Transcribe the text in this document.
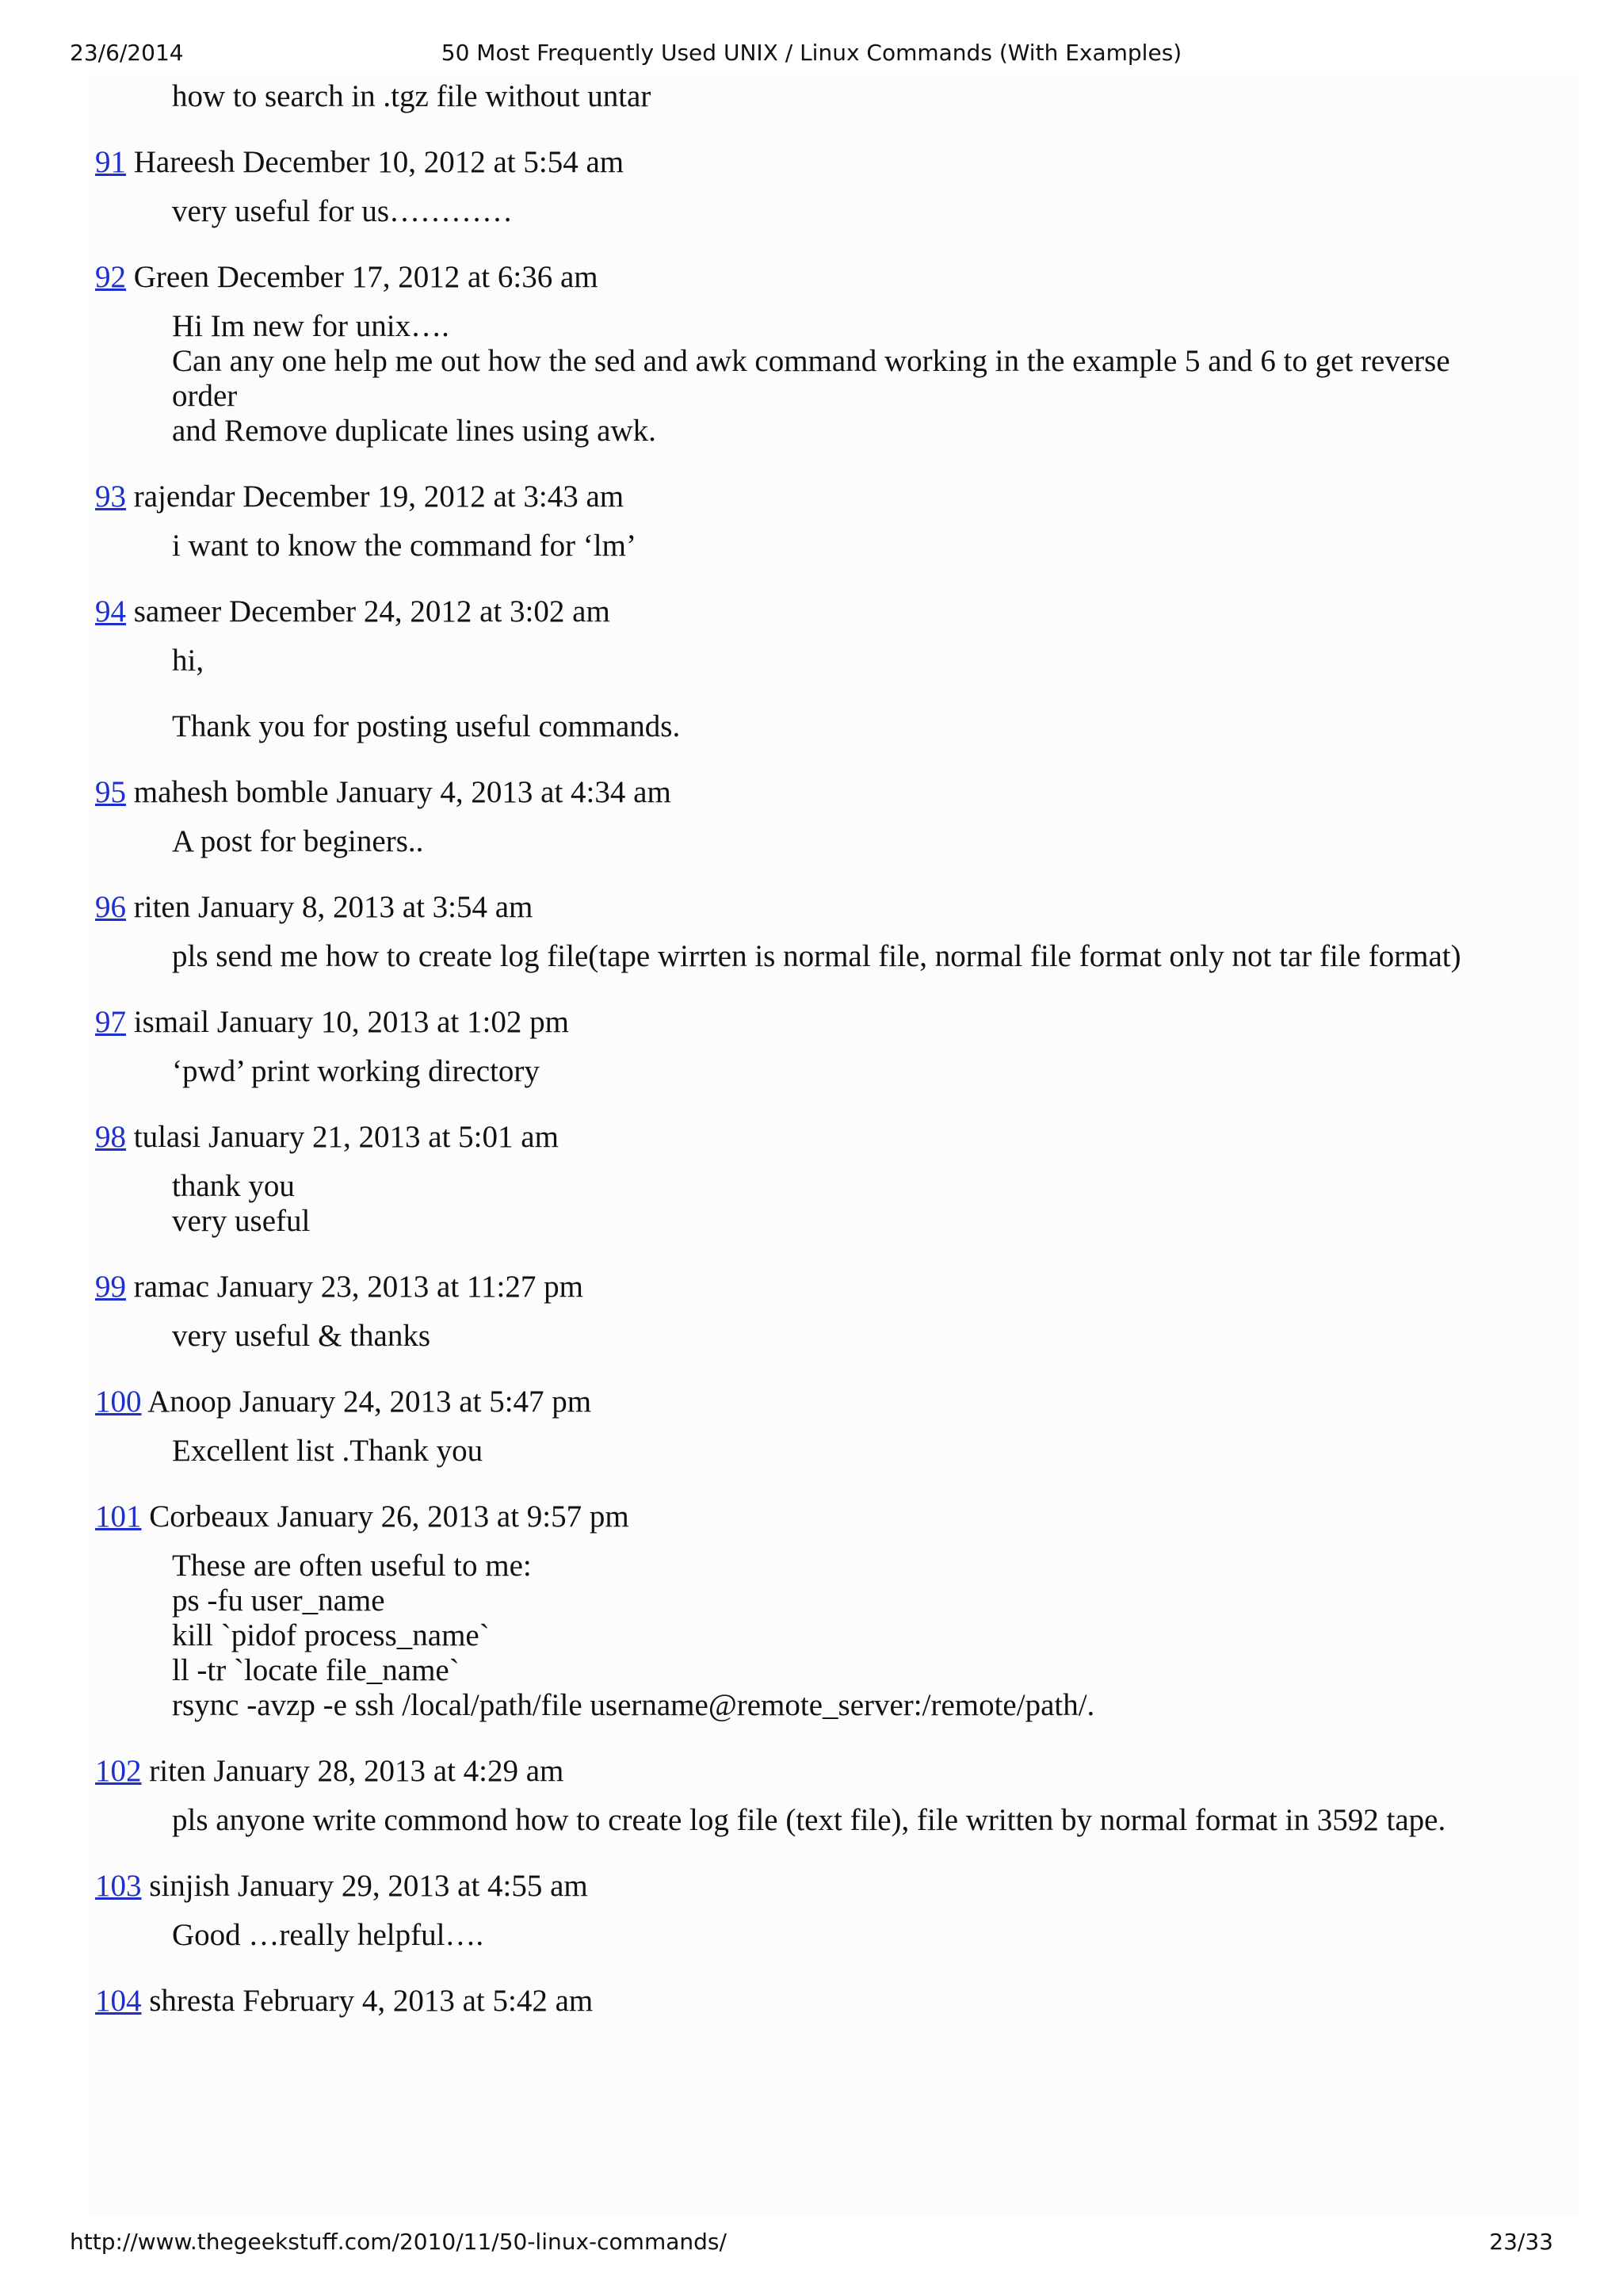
23/6/2014	50 Most Frequently Used UNIX / Linux Commands (With Examples)
how to search in .tgz file without untar
91 Hareesh December 10, 2012 at 5:54 am
very useful for us…………
92 Green December 17, 2012 at 6:36 am
Hi Im new for unix….
Can any one help me out how the sed and awk command working in the example 5 and 6 to get reverse order
and Remove duplicate lines using awk.
93 rajendar December 19, 2012 at 3:43 am
i want to know the command for ‘lm’
94 sameer December 24, 2012 at 3:02 am
hi,
Thank you for posting useful commands.
95 mahesh bomble January 4, 2013 at 4:34 am
A post for beginers..
96 riten January 8, 2013 at 3:54 am
pls send me how to create log file(tape wirrten is normal file, normal file format only not tar file format)
97 ismail January 10, 2013 at 1:02 pm
‘pwd’ print working directory
98 tulasi January 21, 2013 at 5:01 am
thank you
very useful
99 ramac January 23, 2013 at 11:27 pm
very useful & thanks
100 Anoop January 24, 2013 at 5:47 pm
Excellent list .Thank you
101 Corbeaux January 26, 2013 at 9:57 pm
These are often useful to me:
ps -fu user_name
kill `pidof process_name`
ll -tr `locate file_name`
rsync -avzp -e ssh /local/path/file username@remote_server:/remote/path/.
102 riten January 28, 2013 at 4:29 am
pls anyone write commond how to create log file (text file), file written by normal format in 3592 tape.
103 sinjish January 29, 2013 at 4:55 am
Good …really helpful….
104 shresta February 4, 2013 at 5:42 am
http://www.thegeekstuff.com/2010/11/50-linux-commands/	23/33
